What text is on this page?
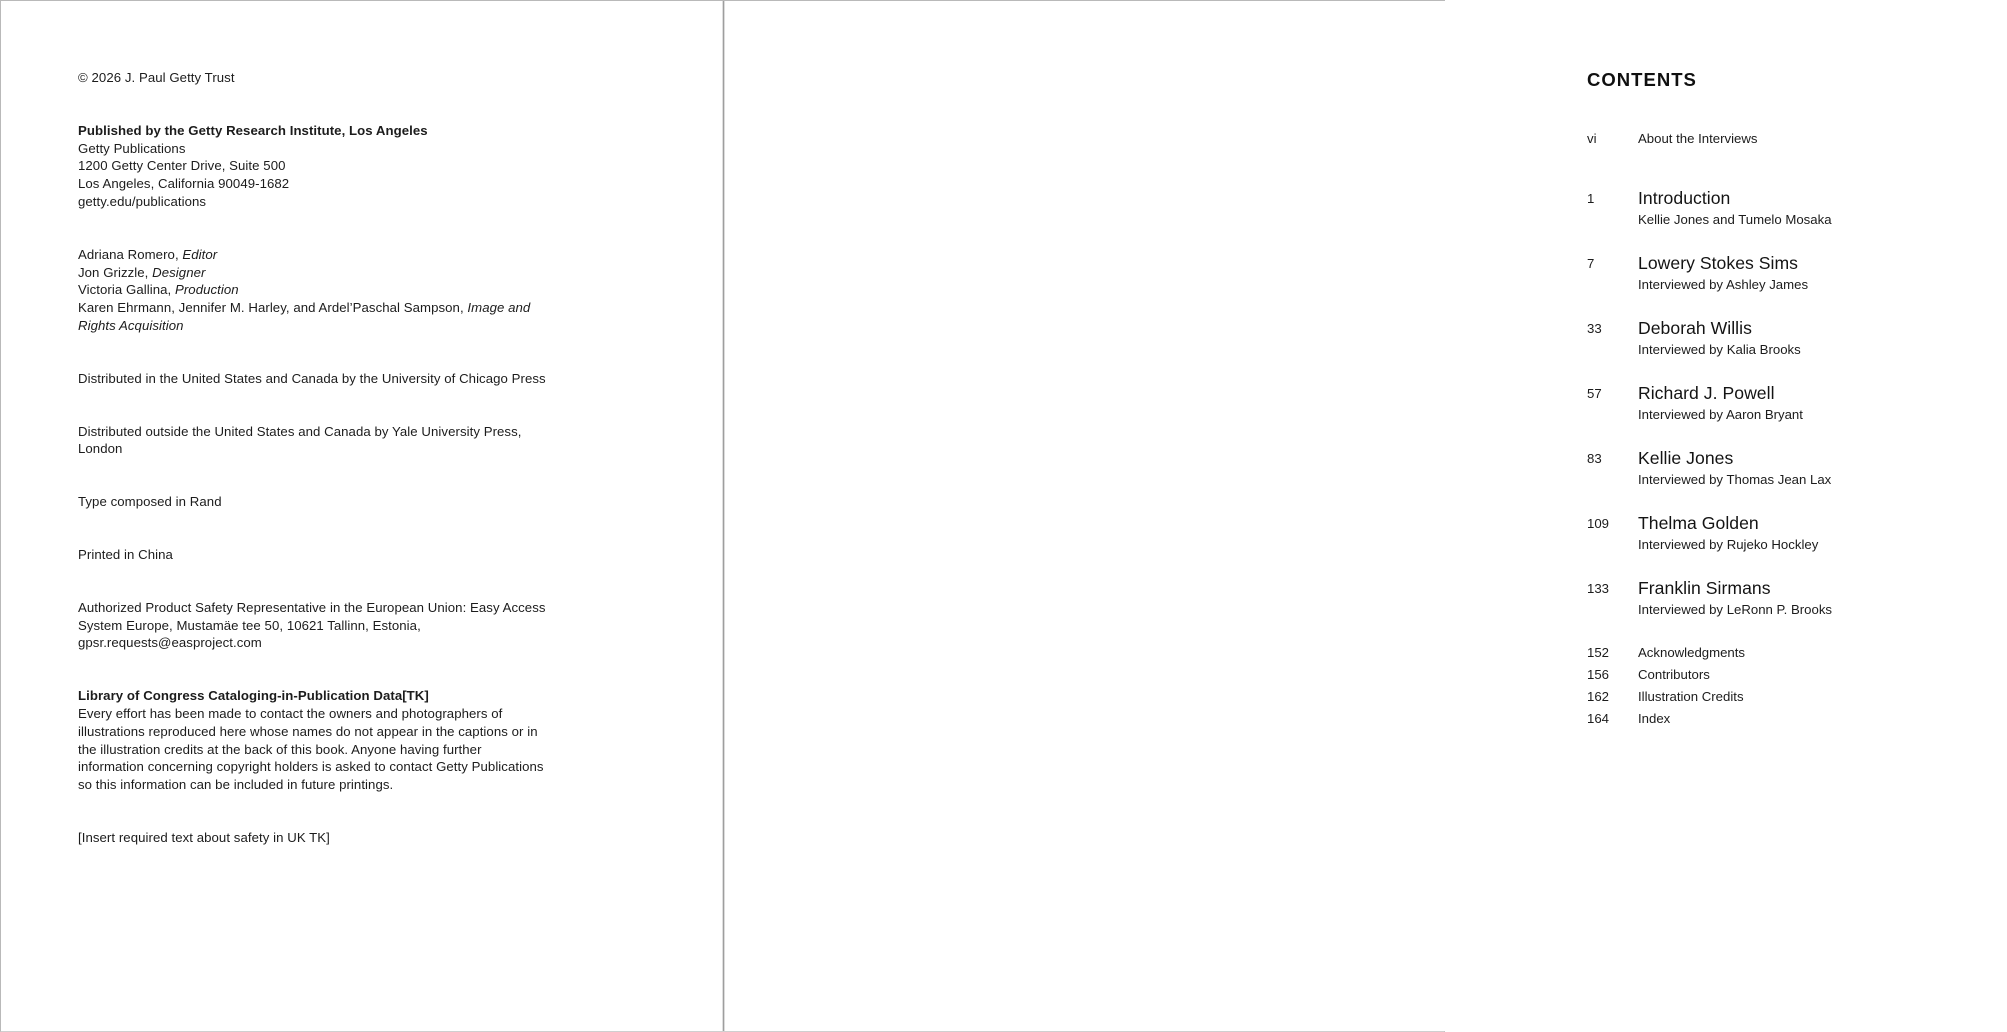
© 2026 J. Paul Getty Trust
Published by the Getty Research Institute, Los Angeles
Getty Publications
1200 Getty Center Drive, Suite 500
Los Angeles, California 90049-1682
getty.edu/publications
Adriana Romero, Editor
Jon Grizzle, Designer
Victoria Gallina, Production
Karen Ehrmann, Jennifer M. Harley, and Ardel’Paschal Sampson, Image and Rights Acquisition
Distributed in the United States and Canada by the University of Chicago Press
Distributed outside the United States and Canada by Yale University Press, London
Type composed in Rand
Printed in China
Authorized Product Safety Representative in the European Union: Easy Access System Europe, Mustamäe tee 50, 10621 Tallinn, Estonia, gpsr.requests@easproject.com
Library of Congress Cataloging-in-Publication Data[TK]
Every effort has been made to contact the owners and photographers of illustrations reproduced here whose names do not appear in the captions or in the illustration credits at the back of this book. Anyone having further information concerning copyright holders is asked to contact Getty Publications so this information can be included in future printings.
[Insert required text about safety in UK TK]
CONTENTS
vi	About the Interviews
1	Introduction
Kellie Jones and Tumelo Mosaka
7	Lowery Stokes Sims
Interviewed by Ashley James
33	Deborah Willis
Interviewed by Kalia Brooks
57	Richard J. Powell
Interviewed by Aaron Bryant
83	Kellie Jones
Interviewed by Thomas Jean Lax
109	Thelma Golden
Interviewed by Rujeko Hockley
133	Franklin Sirmans
Interviewed by LeRonn P. Brooks
152	Acknowledgments
156	Contributors
162	Illustration Credits
164	Index
